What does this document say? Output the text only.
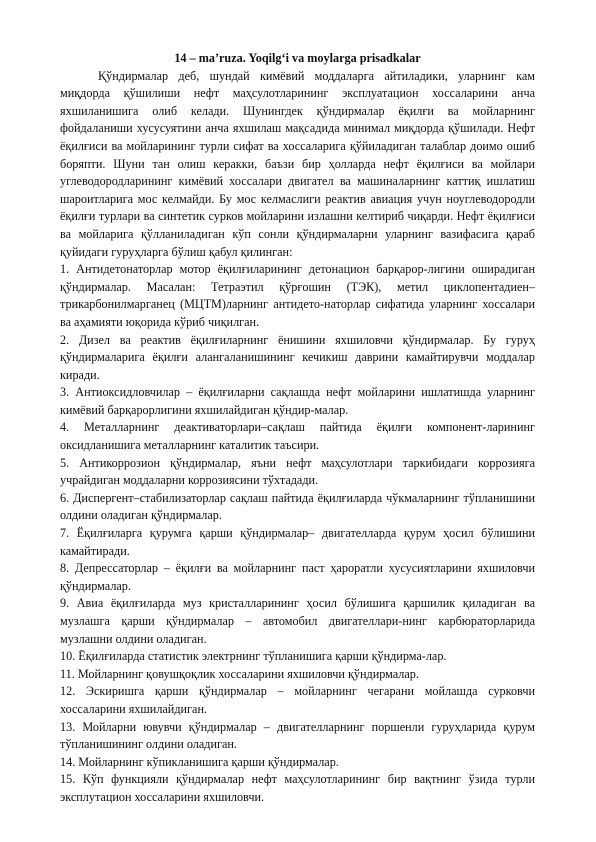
14 – ma’ruza. Yoqilg‘i va moylarga prisadkalar

Қўндирмалар деб, шундай кимёвий моддаларга айтиладики, уларнинг кам миқдорда қўшилиши нефт маҳсулотларининг эксплуатацион хоссаларини анча яхшиланишига олиб келади. Шунингдек қўндирмалар ёқилғи ва мойларнинг фойдаланиши хусусуятини анча яхшилаш мақсадида минимал миқдорда қўшилади. Нефт ёқилғиси ва мойларининг турли сифат ва хоссаларига қўйиладиган талаблар доимо ошиб боряпти. Шуни тан олиш керакки, баъзи бир ҳолларда нефт ёқилғиси ва мойлари углеводородларининг кимёвий хоссалари двигател ва машиналарнинг каттиқ ишлатиш шароитларига мос келмайди. Бу мос келмаслиги реактив авиация учун ноуглеводородли ёқилғи турлари ва синтетик сурков мойларини излашни келтириб чиқарди. Нефт ёқилғиси ва мойларига қўлланиладиган кўп сонли қўндирмаларни уларнинг вазифасига қараб қуйидаги гуруҳларга бўлиш қабул қилинган:

1. Антидетонаторлар мотор ёқилғиларининг детонацион барқарор-лигини оширадиган қўндирмалар. Масалан: Тетраэтил қўрғошин (ТЭК), метил циклопентадиен–трикарбонилмарганец (МЦТМ)ларнинг антидето-наторлар сифатида уларнинг хоссалари ва аҳамияти юқорида кўриб чиқилган.

2. Дизел ва реактив ёқилғиларнинг ёнишини яхшиловчи қўндирмалар. Бу гуруҳ қўндирмаларига ёқилғи алангаланишининг кечикиш даврини камайтирувчи моддалар киради.

3. Антиоксидловчилар – ёқилғиларни сақлашда нефт мойларини ишлатишда уларнинг кимёвий барқарорлигини яхшилайдиган қўндир-малар.

4. Металларнинг деактиваторлари–сақлаш пайтида ёқилғи компонент-ларининг оксидланишига металларнинг каталитик таъсири.

5. Антикоррозион қўндирмалар, яъни нефт маҳсулотлари таркибидаги коррозияга учрайдиган моддаларни коррозиясини тўхтадади.

6. Диспергент–стабилизаторлар сақлаш пайтида ёқилғиларда чўкмаларнинг тўпланишини олдини оладиган қўндирмалар.

7. Ёқилғиларга қурумга қарши қўндирмалар– двигателларда қурум ҳосил бўлишини камайтиради.

8. Депрессаторлар – ёқилғи ва мойларнинг паст ҳароратли хусусиятларини яхшиловчи қўндирмалар.

9. Авиа ёқилғиларда муз кристалларининг ҳосил бўлишига қаршилик қиладиган ва музлашга қарши қўндирмалар – автомобил двигателлари-нинг карбюраторларида музлашни олдини оладиган.

10. Ёқилғиларда статистик электрнинг тўпланишига қарши қўндирма-лар.

11. Мойларнинг қовушқоқлик хоссаларини яхшиловчи қўндирмалар.

12. Эскиришга қарши қўндирмалар – мойларнинг чегарани мойлашда сурковчи хоссаларини яхшилайдиган.

13. Мойларни ювувчи қўндирмалар – двигателларнинг поршенли гуруҳларида қурум тўпланишининг олдини оладиган.

14. Мойларнинг кўпикланишига қарши қўндирмалар.

15. Кўп функцияли қўндирмалар нефт маҳсулотларининг бир вақтнинг ўзида турли эксплутацион хоссаларини яхшиловчи.
